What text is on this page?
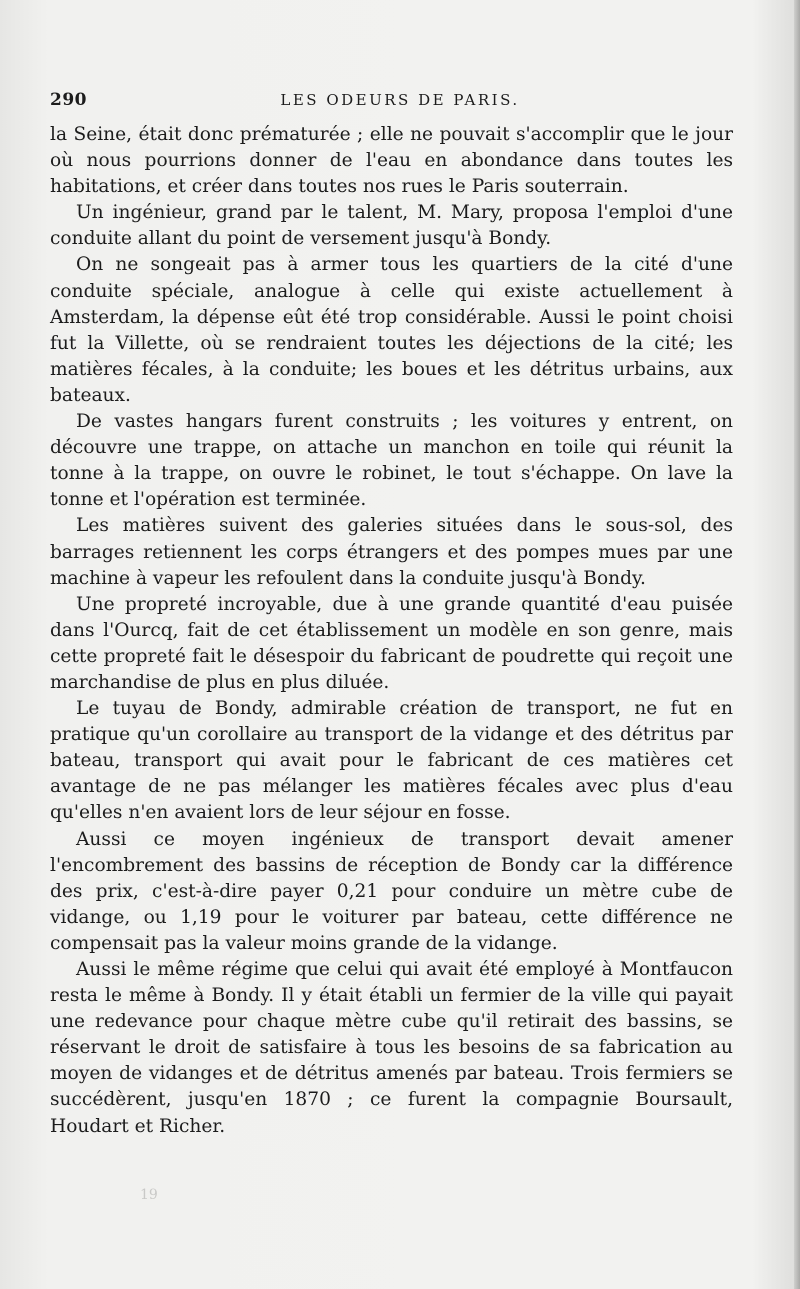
290	LES ODEURS DE PARIS.

la Seine, était donc prématurée ; elle ne pouvait s'accomplir que le jour où nous pourrions donner de l'eau en abondance dans toutes les habitations, et créer dans toutes nos rues le Paris souterrain.

Un ingénieur, grand par le talent, M. Mary, proposa l'emploi d'une conduite allant du point de versement jusqu'à Bondy.

On ne songeait pas à armer tous les quartiers de la cité d'une conduite spéciale, analogue à celle qui existe actuellement à Amsterdam, la dépense eût été trop considérable. Aussi le point choisi fut la Villette, où se rendraient toutes les déjections de la cité; les matières fécales, à la conduite; les boues et les détritus urbains, aux bateaux.

De vastes hangars furent construits ; les voitures y entrent, on découvre une trappe, on attache un manchon en toile qui réunit la tonne à la trappe, on ouvre le robinet, le tout s'échappe. On lave la tonne et l'opération est terminée.

Les matières suivent des galeries situées dans le sous-sol, des barrages retiennent les corps étrangers et des pompes mues par une machine à vapeur les refoulent dans la conduite jusqu'à Bondy.

Une propreté incroyable, due à une grande quantité d'eau puisée dans l'Ourcq, fait de cet établissement un modèle en son genre, mais cette propreté fait le désespoir du fabricant de poudrette qui reçoit une marchandise de plus en plus diluée.

Le tuyau de Bondy, admirable création de transport, ne fut en pratique qu'un corollaire au transport de la vidange et des détritus par bateau, transport qui avait pour le fabricant de ces matières cet avantage de ne pas mélanger les matières fécales avec plus d'eau qu'elles n'en avaient lors de leur séjour en fosse.

Aussi ce moyen ingénieux de transport devait amener l'encombrement des bassins de réception de Bondy car la différence des prix, c'est-à-dire payer 0,21 pour conduire un mètre cube de vidange, ou 1,19 pour le voiturer par bateau, cette différence ne compensait pas la valeur moins grande de la vidange.

Aussi le même régime que celui qui avait été employé à Montfaucon resta le même à Bondy. Il y était établi un fermier de la ville qui payait une redevance pour chaque mètre cube qu'il retirait des bassins, se réservant le droit de satisfaire à tous les besoins de sa fabrication au moyen de vidanges et de détritus amenés par bateau. Trois fermiers se succédèrent, jusqu'en 1870 ; ce furent la compagnie Boursault, Houdart et Richer.

19
